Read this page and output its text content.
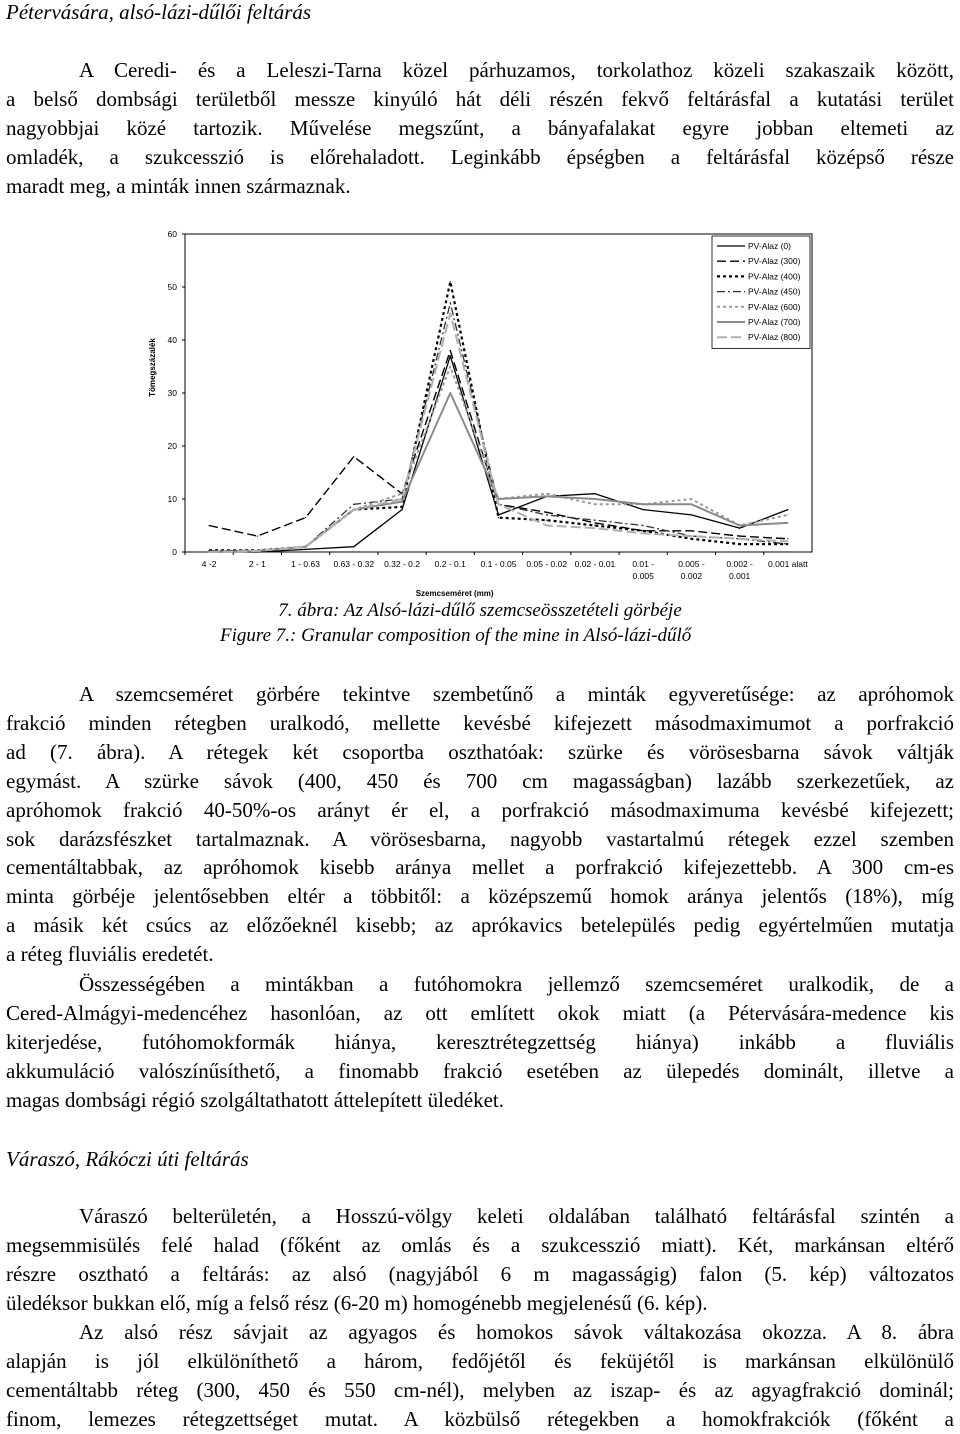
Pétervására, alsó-lázi-dűlői feltárás
A Ceredi- és a Leleszi-Tarna közel párhuzamos, torkolathoz közeli szakaszaik között,
a belső dombsági területből messze kinyúló hát déli részén fekvő feltárásfal a kutatási terület
nagyobbjai közé tartozik. Művelése megszűnt, a bányafalakat egyre jobban eltemeti az
omladék, a szukcesszió is előrehaladott. Leginkább épségben a feltárásfal középső része
maradt meg, a minták innen származnak.
0
10
20
30
40
50
60
4 -2	2 - 1	1 - 0.63 0.63 - 0.32 0.32 - 0.2 0.2 - 0.1 0.1 - 0.05 0.05 - 0.02 0.02 - 0.01 0.01 -
0.005
0.005 -
0.002
0.002 -
0.001
0.001 alatt
Szemcseméret (mm)
Tömegszázalék
PV-Alaz (0)
PV-Alaz (300)
PV-Alaz (400)
PV-Alaz (450)
PV-Alaz (600)
PV-Alaz (700)
PV-Alaz (800)
7. ábra: Az Alsó-lázi-dűlő szemcseösszetételi görbéje
Figure 7.: Granular composition of the mine in Alsó-lázi-dűlő
A szemcseméret görbére tekintve szembetűnő a minták egyveretűsége: az apróhomok
frakció minden rétegben uralkodó, mellette kevésbé kifejezett másodmaximumot a porfrakció
ad (7. ábra). A rétegek két csoportba oszthatóak: szürke és vörösesbarna sávok váltják
egymást. A szürke sávok (400, 450 és 700 cm magasságban) lazább szerkezetűek, az
apróhomok frakció 40-50%-os arányt ér el, a porfrakció másodmaximuma kevésbé kifejezett;
sok darázsfészket tartalmaznak. A vörösesbarna, nagyobb vastartalmú rétegek ezzel szemben
cementáltabbak, az apróhomok kisebb aránya mellet a porfrakció kifejezettebb. A 300 cm-es
minta görbéje jelentősebben eltér a többitől: a középszemű homok aránya jelentős (18%), míg
a másik két csúcs az előzőeknél kisebb; az aprókavics betelepülés pedig egyértelműen mutatja
a réteg fluviális eredetét.
Összességében a mintákban a futóhomokra jellemző szemcseméret uralkodik, de a
Cered-Almágyi-medencéhez hasonlóan, az ott említett okok miatt (a Pétervására-medence kis
kiterjedése, futóhomokformák hiánya, keresztrétegzettség hiánya) inkább a fluviális
akkumuláció valószínűsíthető, a finomabb frakció esetében az ülepedés dominált, illetve a
magas dombsági régió szolgáltathatott áttelepített üledéket.
Váraszó, Rákóczi úti feltárás
Váraszó belterületén, a Hosszú-völgy keleti oldalában található feltárásfal szintén a
megsemmisülés felé halad (főként az omlás és a szukcesszió miatt). Két, markánsan eltérő
részre osztható a feltárás: az alsó (nagyjából 6 m magasságig) falon (5. kép) változatos
üledéksor bukkan elő, míg a felső rész (6-20 m) homogénebb megjelenésű (6. kép).
Az alsó rész sávjait az agyagos és homokos sávok váltakozása okozza. A 8. ábra
alapján is jól elkülöníthető a három, fedőjétől és feküjétől is markánsan elkülönülő
cementáltabb réteg (300, 450 és 550 cm-nél), melyben az iszap- és az agyagfrakció dominál;
finom, lemezes rétegzettséget mutat. A közbülső rétegekben a homokfrakciók (főként a
